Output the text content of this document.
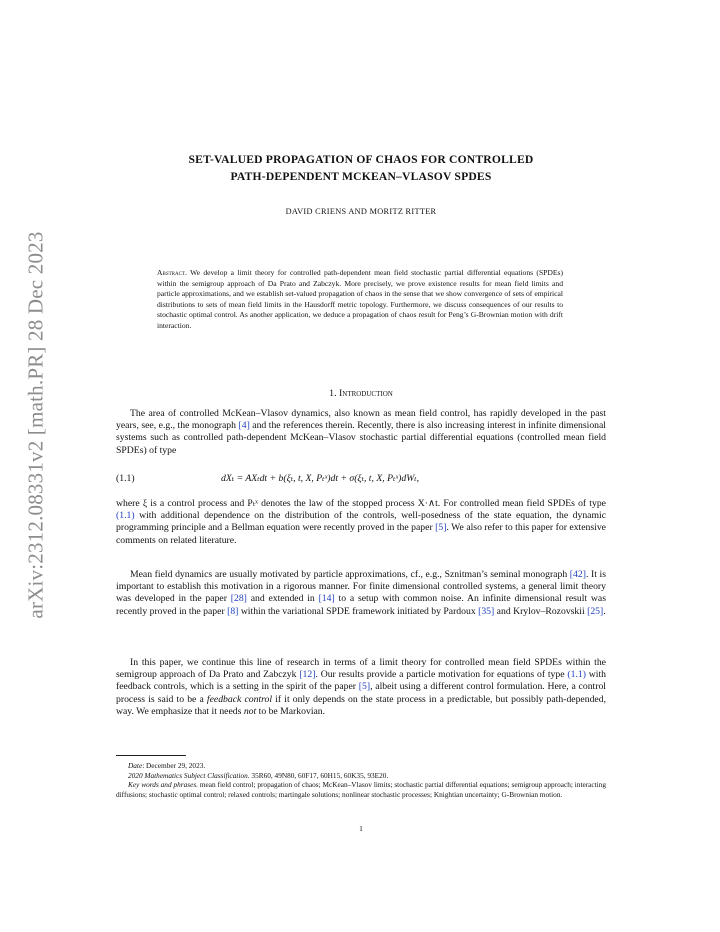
arXiv:2312.08331v2 [math.PR] 28 Dec 2023
SET-VALUED PROPAGATION OF CHAOS FOR CONTROLLED
PATH-DEPENDENT MCKEAN–VLASOV SPDES
DAVID CRIENS AND MORITZ RITTER
Abstract. We develop a limit theory for controlled path-dependent mean field stochastic partial differential equations (SPDEs) within the semigroup approach of Da Prato and Zabczyk. More precisely, we prove existence results for mean field limits and particle approximations, and we establish set-valued propagation of chaos in the sense that we show convergence of sets of empirical distributions to sets of mean field limits in the Hausdorff metric topology. Furthermore, we discuss consequences of our results to stochastic optimal control. As another application, we deduce a propagation of chaos result for Peng’s G-Brownian motion with drift interaction.
1. Introduction

The area of controlled McKean–Vlasov dynamics, also known as mean field control, has rapidly developed in the past years, see, e.g., the monograph [4] and the references therein. Recently, there is also increasing interest in infinite dimensional systems such as controlled path-dependent McKean–Vlasov stochastic partial differential equations (controlled mean field SPDEs) of type

(1.1)	dXₜ = AXₜdt + b(ξₜ, t, X, Pₜˣ)dt + σ(ξₜ, t, X, Pₜˣ)dWₜ,

where ξ is a control process and Pₜˣ denotes the law of the stopped process X·∧t. For controlled mean field SPDEs of type (1.1) with additional dependence on the distribution of the controls, well-posedness of the state equation, the dynamic programming principle and a Bellman equation were recently proved in the paper [5]. We also refer to this paper for extensive comments on related literature.

Mean field dynamics are usually motivated by particle approximations, cf., e.g., Sznitman’s seminal monograph [42]. It is important to establish this motivation in a rigorous manner. For finite dimensional controlled systems, a general limit theory was developed in the paper [28] and extended in [14] to a setup with common noise. An infinite dimensional result was recently proved in the paper [8] within the variational SPDE framework initiated by Pardoux [35] and Krylov–Rozovskii [25].

In this paper, we continue this line of research in terms of a limit theory for controlled mean field SPDEs within the semigroup approach of Da Prato and Zabczyk [12]. Our results provide a particle motivation for equations of type (1.1) with feedback controls, which is a setting in the spirit of the paper [5], albeit using a different control formulation. Here, a control process is said to be a feedback control if it only depends on the state process in a predictable, but possibly path-depended, way. We emphasize that it needs not to be Markovian.

Date: December 29, 2023.

2020 Mathematics Subject Classification. 35R60, 49N80, 60F17, 60H15, 60K35, 93E20.

Key words and phrases. mean field control; propagation of chaos; McKean–Vlasov limits; stochastic partial differential equations; semigroup approach; interacting diffusions; stochastic optimal control; relaxed controls; martingale solutions; nonlinear stochastic processes; Knightian uncertainty; G-Brownian motion.

1
